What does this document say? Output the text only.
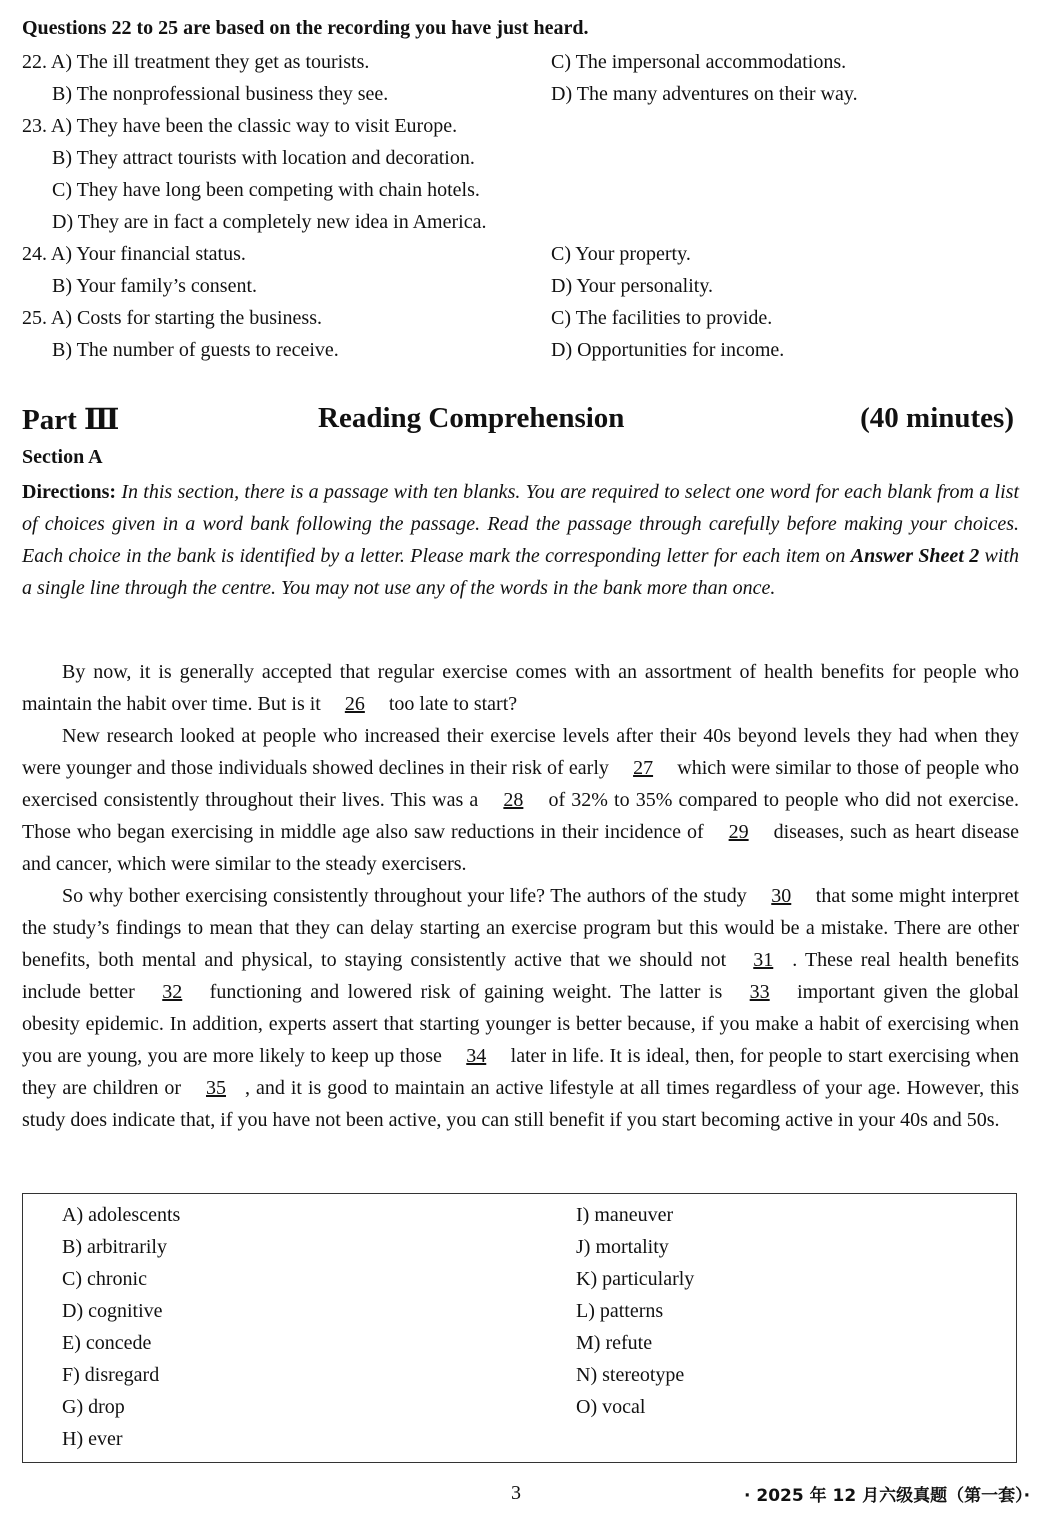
Questions 22 to 25 are based on the recording you have just heard.
22. A) The ill treatment they get as tourists.
B) The nonprofessional business they see.
C) The impersonal accommodations.
D) The many adventures on their way.
23. A) They have been the classic way to visit Europe.
B) They attract tourists with location and decoration.
C) They have long been competing with chain hotels.
D) They are in fact a completely new idea in America.
24. A) Your financial status.
B) Your family’s consent.
C) Your property.
D) Your personality.
25. A) Costs for starting the business.
B) The number of guests to receive.
C) The facilities to provide.
D) Opportunities for income.
Part Ⅲ	Reading Comprehension	(40 minutes)
Section A
Directions: In this section, there is a passage with ten blanks. You are required to select one word for each blank from a list of choices given in a word bank following the passage. Read the passage through carefully before making your choices. Each choice in the bank is identified by a letter. Please mark the corresponding letter for each item on Answer Sheet 2 with a single line through the centre. You may not use any of the words in the bank more than once.

By now, it is generally accepted that regular exercise comes with an assortment of health benefits for people who maintain the habit over time. But is it 26 too late to start?

New research looked at people who increased their exercise levels after their 40s beyond levels they had when they were younger and those individuals showed declines in their risk of early 27 which were similar to those of people who exercised consistently throughout their lives. This was a 28 of 32% to 35% compared to people who did not exercise. Those who began exercising in middle age also saw reductions in their incidence of 29 diseases, such as heart disease and cancer, which were similar to the steady exercisers.

So why bother exercising consistently throughout your life? The authors of the study 30 that some might interpret the study’s findings to mean that they can delay starting an exercise program but this would be a mistake. There are other benefits, both mental and physical, to staying consistently active that we should not 31 . These real health benefits include better 32 functioning and lowered risk of gaining weight. The latter is 33 important given the global obesity epidemic. In addition, experts assert that starting younger is better because, if you make a habit of exercising when you are young, you are more likely to keep up those 34 later in life. It is ideal, then, for people to start exercising when they are children or 35 , and it is good to maintain an active lifestyle at all times regardless of your age. However, this study does indicate that, if you have not been active, you can still benefit if you start becoming active in your 40s and 50s.

A) adolescents
B) arbitrarily
C) chronic
D) cognitive
E) concede
F) disregard
G) drop
H) ever
I) maneuver
J) mortality
K) particularly
L) patterns
M) refute
N) stereotype
O) vocal
3	· 2025 年 12 月六级真题（第一套）·
